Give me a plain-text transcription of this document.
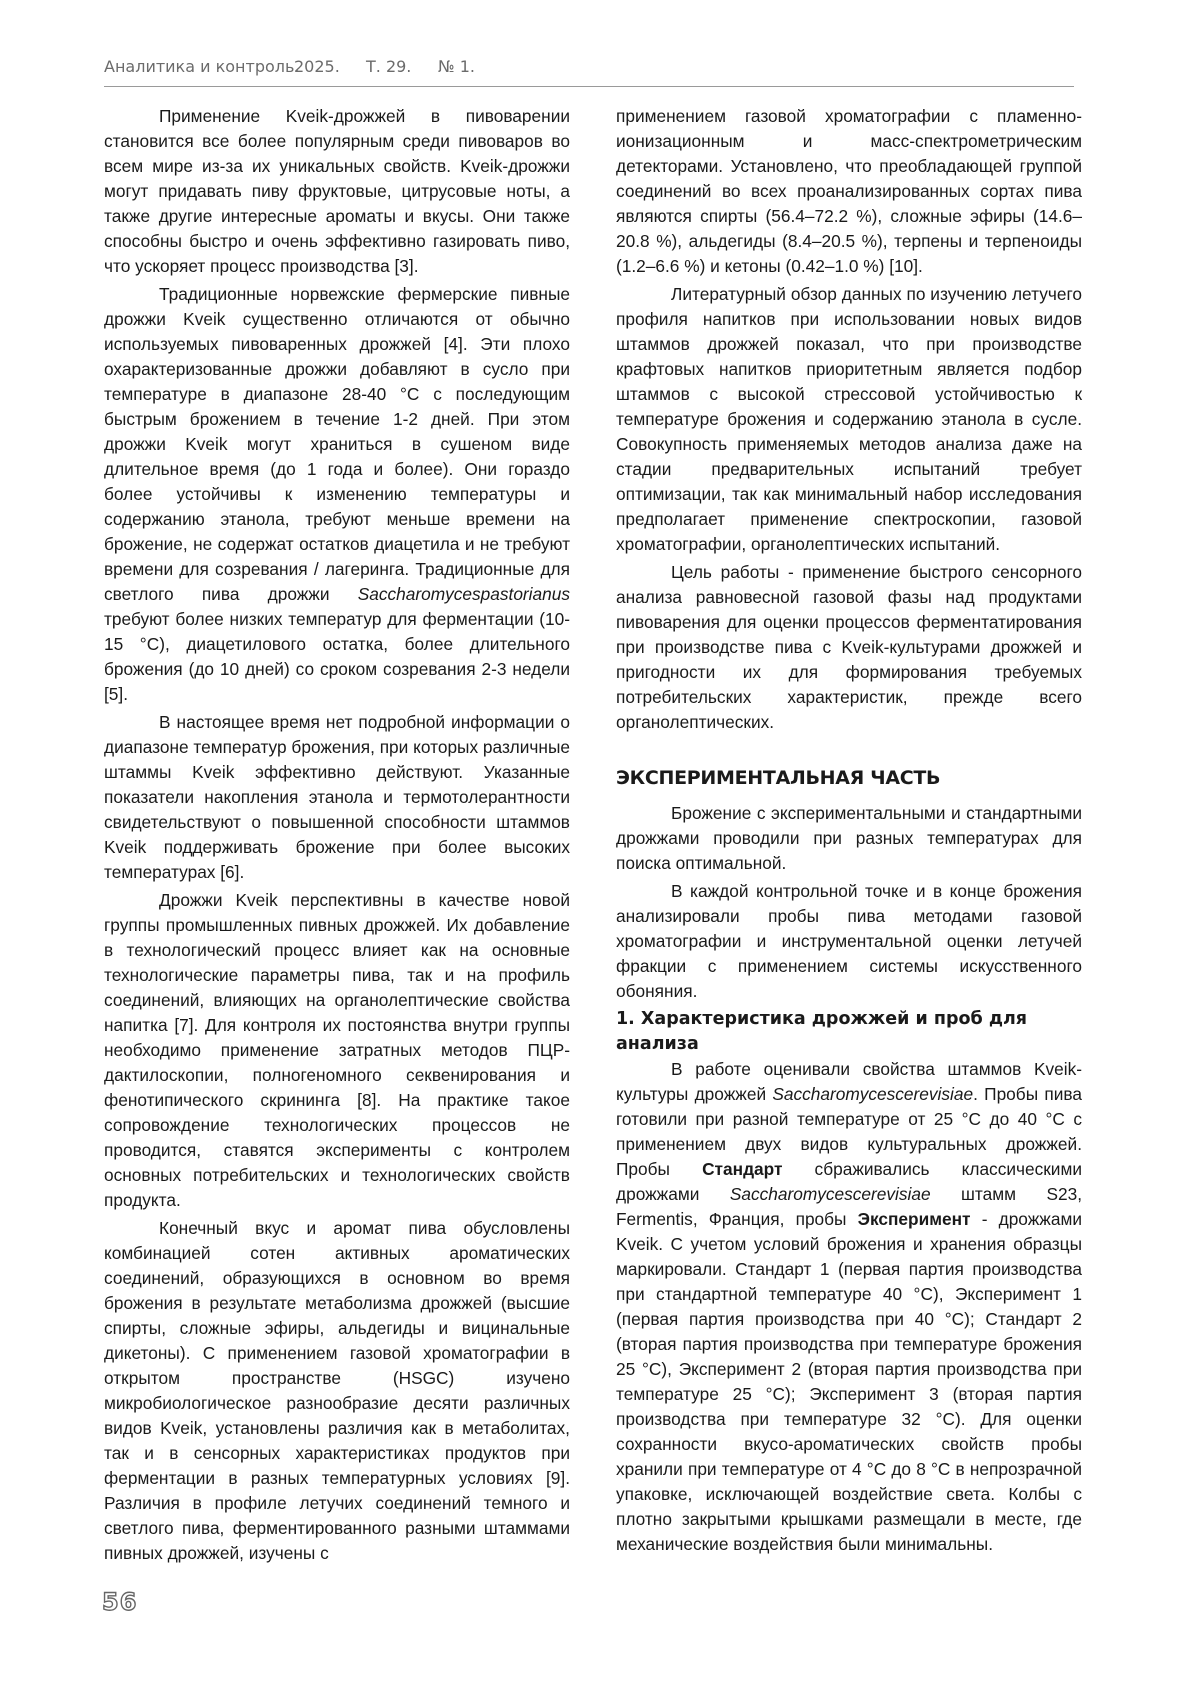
Аналитика и контроль.
2025. Т. 29. № 1.

Применение Kveik-дрожжей в пивоварении становится все более популярным среди пивоваров во всем мире из-за их уникальных свойств. Kveik-дрожжи могут придавать пиву фруктовые, цитрусовые ноты, а также другие интересные ароматы и вкусы. Они также способны быстро и очень эффективно газировать пиво, что ускоряет процесс производства [3].

Традиционные норвежские фермерские пивные дрожжи Kveik существенно отличаются от обычно используемых пивоваренных дрожжей [4]. Эти плохо охарактеризованные дрожжи добавляют в сусло при температуре в диапазоне 28-40 °С с последующим быстрым брожением в течение 1-2 дней. При этом дрожжи Kveik могут храниться в сушеном виде длительное время (до 1 года и более). Они гораздо более устойчивы к изменению температуры и содержанию этанола, требуют меньше времени на брожение, не содержат остатков диацетила и не требуют времени для созревания / лагеринга. Традиционные для светлого пива дрожжи Saccharomycespastorianus требуют более низких температур для ферментации (10-15 °С), диацетилового остатка, более длительного брожения (до 10 дней) со сроком созревания 2-3 недели [5].

В настоящее время нет подробной информации о диапазоне температур брожения, при которых различные штаммы Kveik эффективно действуют. Указанные показатели накопления этанола и термотолерантности свидетельствуют о повышенной способности штаммов Kveik поддерживать брожение при более высоких температурах [6].

Дрожжи Kveik перспективны в качестве новой группы промышленных пивных дрожжей. Их добавление в технологический процесс влияет как на основные технологические параметры пива, так и на профиль соединений, влияющих на органолептические свойства напитка [7]. Для контроля их постоянства внутри группы необходимо применение затратных методов ПЦР-дактилоскопии, полногеномного секвенирования и фенотипического скрининга [8]. На практике такое сопровождение технологических процессов не проводится, ставятся эксперименты с контролем основных потребительских и технологических свойств продукта.

Конечный вкус и аромат пива обусловлены комбинацией сотен активных ароматических соединений, образующихся в основном во время брожения в результате метаболизма дрожжей (высшие спирты, сложные эфиры, альдегиды и вицинальные дикетоны). С применением газовой хроматографии в открытом пространстве (HSGC) изучено микробиологическое разнообразие десяти различных видов Kveik, установлены различия как в метаболитах, так и в сенсорных характеристиках продуктов при ферментации в разных температурных условиях [9]. Различия в профиле летучих соединений темного и светлого пива, ферментированного разными штаммами пивных дрожжей, изучены с

применением газовой хроматографии с пламенно-ионизационным и масс-спектрометрическим детекторами. Установлено, что преобладающей группой соединений во всех проанализированных сортах пива являются спирты (56.4–72.2 %), сложные эфиры (14.6–20.8 %), альдегиды (8.4–20.5 %), терпены и терпеноиды (1.2–6.6 %) и кетоны (0.42–1.0 %) [10].

Литературный обзор данных по изучению летучего профиля напитков при использовании новых видов штаммов дрожжей показал, что при производстве крафтовых напитков приоритетным является подбор штаммов с высокой стрессовой устойчивостью к температуре брожения и содержанию этанола в сусле. Совокупность применяемых методов анализа даже на стадии предварительных испытаний требует оптимизации, так как минимальный набор исследования предполагает применение спектроскопии, газовой хроматографии, органолептических испытаний.

Цель работы - применение быстрого сенсорного анализа равновесной газовой фазы над продуктами пивоварения для оценки процессов ферментатирования при производстве пива с Kveik-культурами дрожжей и пригодности их для формирования требуемых потребительских характеристик, прежде всего органолептических.

ЭКСПЕРИМЕНТАЛЬНАЯ ЧАСТЬ

Брожение с экспериментальными и стандартными дрожжами проводили при разных температурах для поиска оптимальной.

В каждой контрольной точке и в конце брожения анализировали пробы пива методами газовой хроматографии и инструментальной оценки летучей фракции с применением системы искусственного обоняния.

1. Характеристика дрожжей и проб для анализа

В работе оценивали свойства штаммов Kveik-культуры дрожжей Saccharomycescerevisiae. Пробы пива готовили при разной температуре от 25 °С до 40 °С с применением двух видов культуральных дрожжей. Пробы Стандарт сбраживались классическими дрожжами Saccharomycescerevisiae штамм S23, Fermentis, Франция, пробы Эксперимент - дрожжами Kveik. С учетом условий брожения и хранения образцы маркировали. Стандарт 1 (первая партия производства при стандартной температуре 40 °С), Эксперимент 1 (первая партия производства при 40 °С); Стандарт 2 (вторая партия производства при температуре брожения 25 °С), Эксперимент 2 (вторая партия производства при температуре 25 °С); Эксперимент 3 (вторая партия производства при температуре 32 °С). Для оценки сохранности вкусо-ароматических свойств пробы хранили при температуре от 4 °С до 8 °С в непрозрачной упаковке, исключающей воздействие света. Колбы с плотно закрытыми крышками размещали в месте, где механические воздействия были минимальны.

56
